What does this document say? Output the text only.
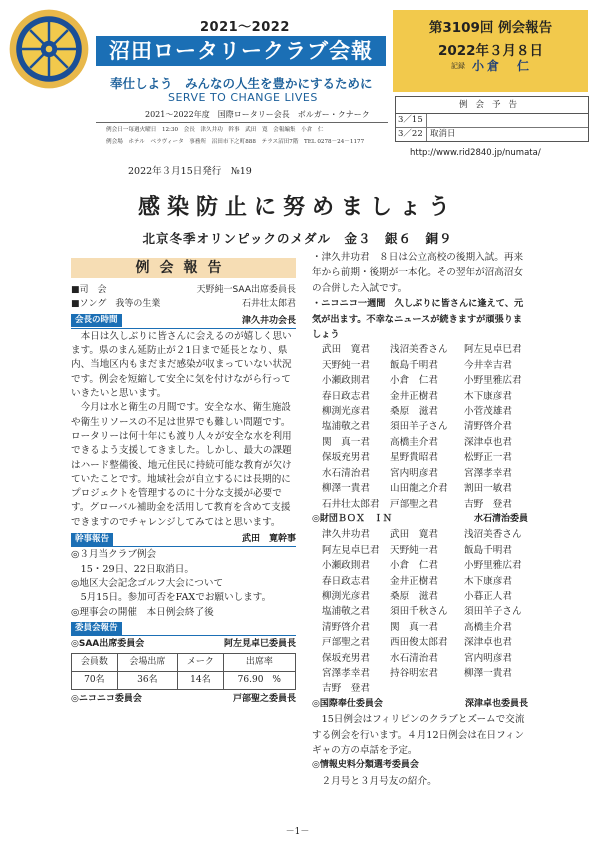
2021～2022
沼田ロータリークラブ会報
奉仕しよう　みんなの人生を豊かにするために
SERVE TO CHANGE LIVES
2021～2022年度　国際ロータリー会長　ボルガー・クナーク
例会日一毎週火曜日　12:30　会長　津久井功　幹事　武田　寛　会報編集　小倉　仁
例会場　ホテル　ベラヴィータ　事務所　沼田市下之町888　テラス沼田7階　TEL 0278－24－1177
第3109回 例会報告
2022年３月８日
記録 小倉　仁
例会予告
3／15
3／22 取消日
http://www.rid2840.jp/numata/
2022年３月15日発行　№19
感染防止に努めましょう
北京冬季オリンピックのメダル　金３　銀６　銅９
例会報告
■司　会	天野純一SAA出席委員長
■ソング　我等の生業	石井壮太郎君
会長の時間	津久井功会長

本日は久しぶりに皆さんに会えるのが嬉しく思います。県のまん延防止が２1日まで延長となり、県内、当地区内もまだまだ感染が収まっていない状況です。例会を短縮して安全に気を付けながら行っていきたいと思います。

今月は水と衛生の月間です。安全な水、衛生施設や衛生リソースの不足は世界でも難しい問題です。ロータリーは何十年にも渡り人々が安全な水を利用できるよう支援してきました。しかし、最大の課題はハード整備後、地元住民に持続可能な教育が欠けていたことです。地域社会が自立するには長期的にプロジェクトを管理するのに十分な支援が必要です。グローバル補助金を活用して教育を含めて支援できますのでチャレンジしてみてはと思います。

幹事報告	武田　寛幹事
◎３月当クラブ例会
　15・29日、22日取消日。
◎地区大会記念ゴルフ大会について
　5月15日。参加可否をFAXでお願いします。
◎理事会の開催　本日例会終了後
委員会報告
◎SAA出席委員会	阿左見卓巳委員長
会員数	会場出席	メーク	出席率
70名	36名	14名	76.90　%
◎ニコニコ委員会	戸部聖之委員長
・津久井功君　８日は公立高校の後期入試。再来年から前期・後期が一本化。その翌年が沼高沼女の合併した入試です。
・ニコニコ一週間　久しぶりに皆さんに逢えて、元気が出ます。不幸なニュースが続きますが頑張りましょう
武田　寛君	浅沼美香さん	阿左見卓巳君
天野純一君	飯島千明君	今井幸吉君
小瀬政則君	小倉　仁君	小野里雅広君
春日政志君	金井正樹君	木下康彦君
柳渕光彦君	桑原　滋君	小菅茂雄君
塩浦敬之君	須田羊子さん	清野啓介君
関　真一君	高橋圭介君	深津卓也君
保坂充男君	星野貴昭君	松野正一君
水石清治君	宮内明彦君	宮澤孝幸君
柳澤一貴君	山田龍之介君	割田一敏君
石井壮太郎君	戸部聖之君	吉野　登君
◎財団ＢＯＸ　ＩＮ	水石清治委員
津久井功君	武田　寛君	浅沼美香さん
阿左見卓巳君	天野純一君	飯島千明君
小瀬政則君	小倉　仁君	小野里雅広君
春日政志君	金井正樹君	木下康彦君
柳渕光彦君	桑原　滋君	小暮正人君
塩浦敬之君	須田千秋さん	須田羊子さん
清野啓介君	関　真一君	高橋圭介君
戸部聖之君	西田俊太郎君	深津卓也君
保坂充男君	水石清治君	宮内明彦君
宮澤孝幸君	持谷明宏君	柳澤一貴君
吉野　登君
◎国際奉仕委員会	深津卓也委員長
15日例会はフィリピンのクラブとズームで交流する例会を行います。４月12日例会は在日フィンギャの方の卓話を予定。
◎情報史料分類選考委員会
２月号と３月号友の紹介。
－1－
